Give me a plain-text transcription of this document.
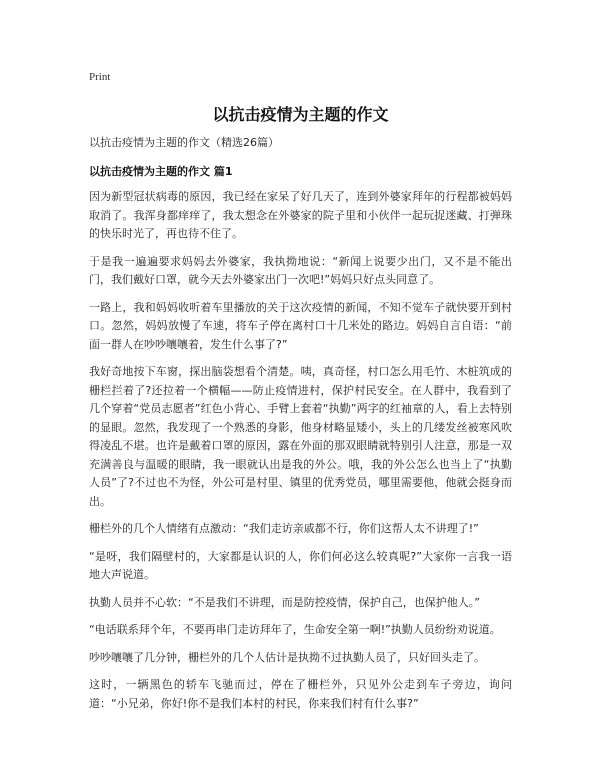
Print
以抗击疫情为主题的作文
以抗击疫情为主题的作文（精选26篇）
以抗击疫情为主题的作文 篇1

因为新型冠状病毒的原因，我已经在家呆了好几天了，连到外婆家拜年的行程都被妈妈取消了。我浑身都痒痒了，我太想念在外婆家的院子里和小伙伴一起玩捉迷藏、打弹珠的快乐时光了，再也待不住了。

于是我一遍遍要求妈妈去外婆家，我执拗地说：“新闻上说要少出门，又不是不能出门，我们戴好口罩，就今天去外婆家出门一次吧!”妈妈只好点头同意了。

一路上，我和妈妈收听着车里播放的关于这次疫情的新闻，不知不觉车子就快要开到村口。忽然，妈妈放慢了车速，将车子停在离村口十几米处的路边。妈妈自言自语：“前面一群人在吵吵嚷嚷着，发生什么事了?”

我好奇地按下车窗，探出脑袋想看个清楚。咦，真奇怪，村口怎么用毛竹、木桩筑成的栅栏拦着了?还拉着一个横幅——防止疫情进村，保护村民安全。在人群中，我看到了几个穿着“党员志愿者”红色小背心、手臂上套着“执勤”两字的红袖章的人，看上去特别的显眼。忽然，我发现了一个熟悉的身影，他身材略显矮小，头上的几缕发丝被寒风吹得凌乱不堪。也许是戴着口罩的原因，露在外面的那双眼睛就特别引人注意，那是一双充满善良与温暖的眼睛，我一眼就认出是我的外公。哦，我的外公怎么也当上了“执勤人员”了?不过也不为怪，外公可是村里、镇里的优秀党员，哪里需要他，他就会挺身而出。

栅栏外的几个人情绪有点激动：“我们走访亲戚都不行，你们这帮人太不讲理了!”

“是呀，我们隔壁村的，大家都是认识的人，你们何必这么较真呢?”大家你一言我一语地大声说道。

执勤人员并不心软：“不是我们不讲理，而是防控疫情，保护自己，也保护他人。”

“电话联系拜个年，不要再串门走访拜年了，生命安全第一啊!”执勤人员纷纷劝说道。

吵吵嚷嚷了几分钟，栅栏外的几个人估计是执拗不过执勤人员了，只好回头走了。

这时，一辆黑色的轿车飞驰而过，停在了栅栏外，只见外公走到车子旁边，询问道：“小兄弟，你好!你不是我们本村的村民，你来我们村有什么事?”
